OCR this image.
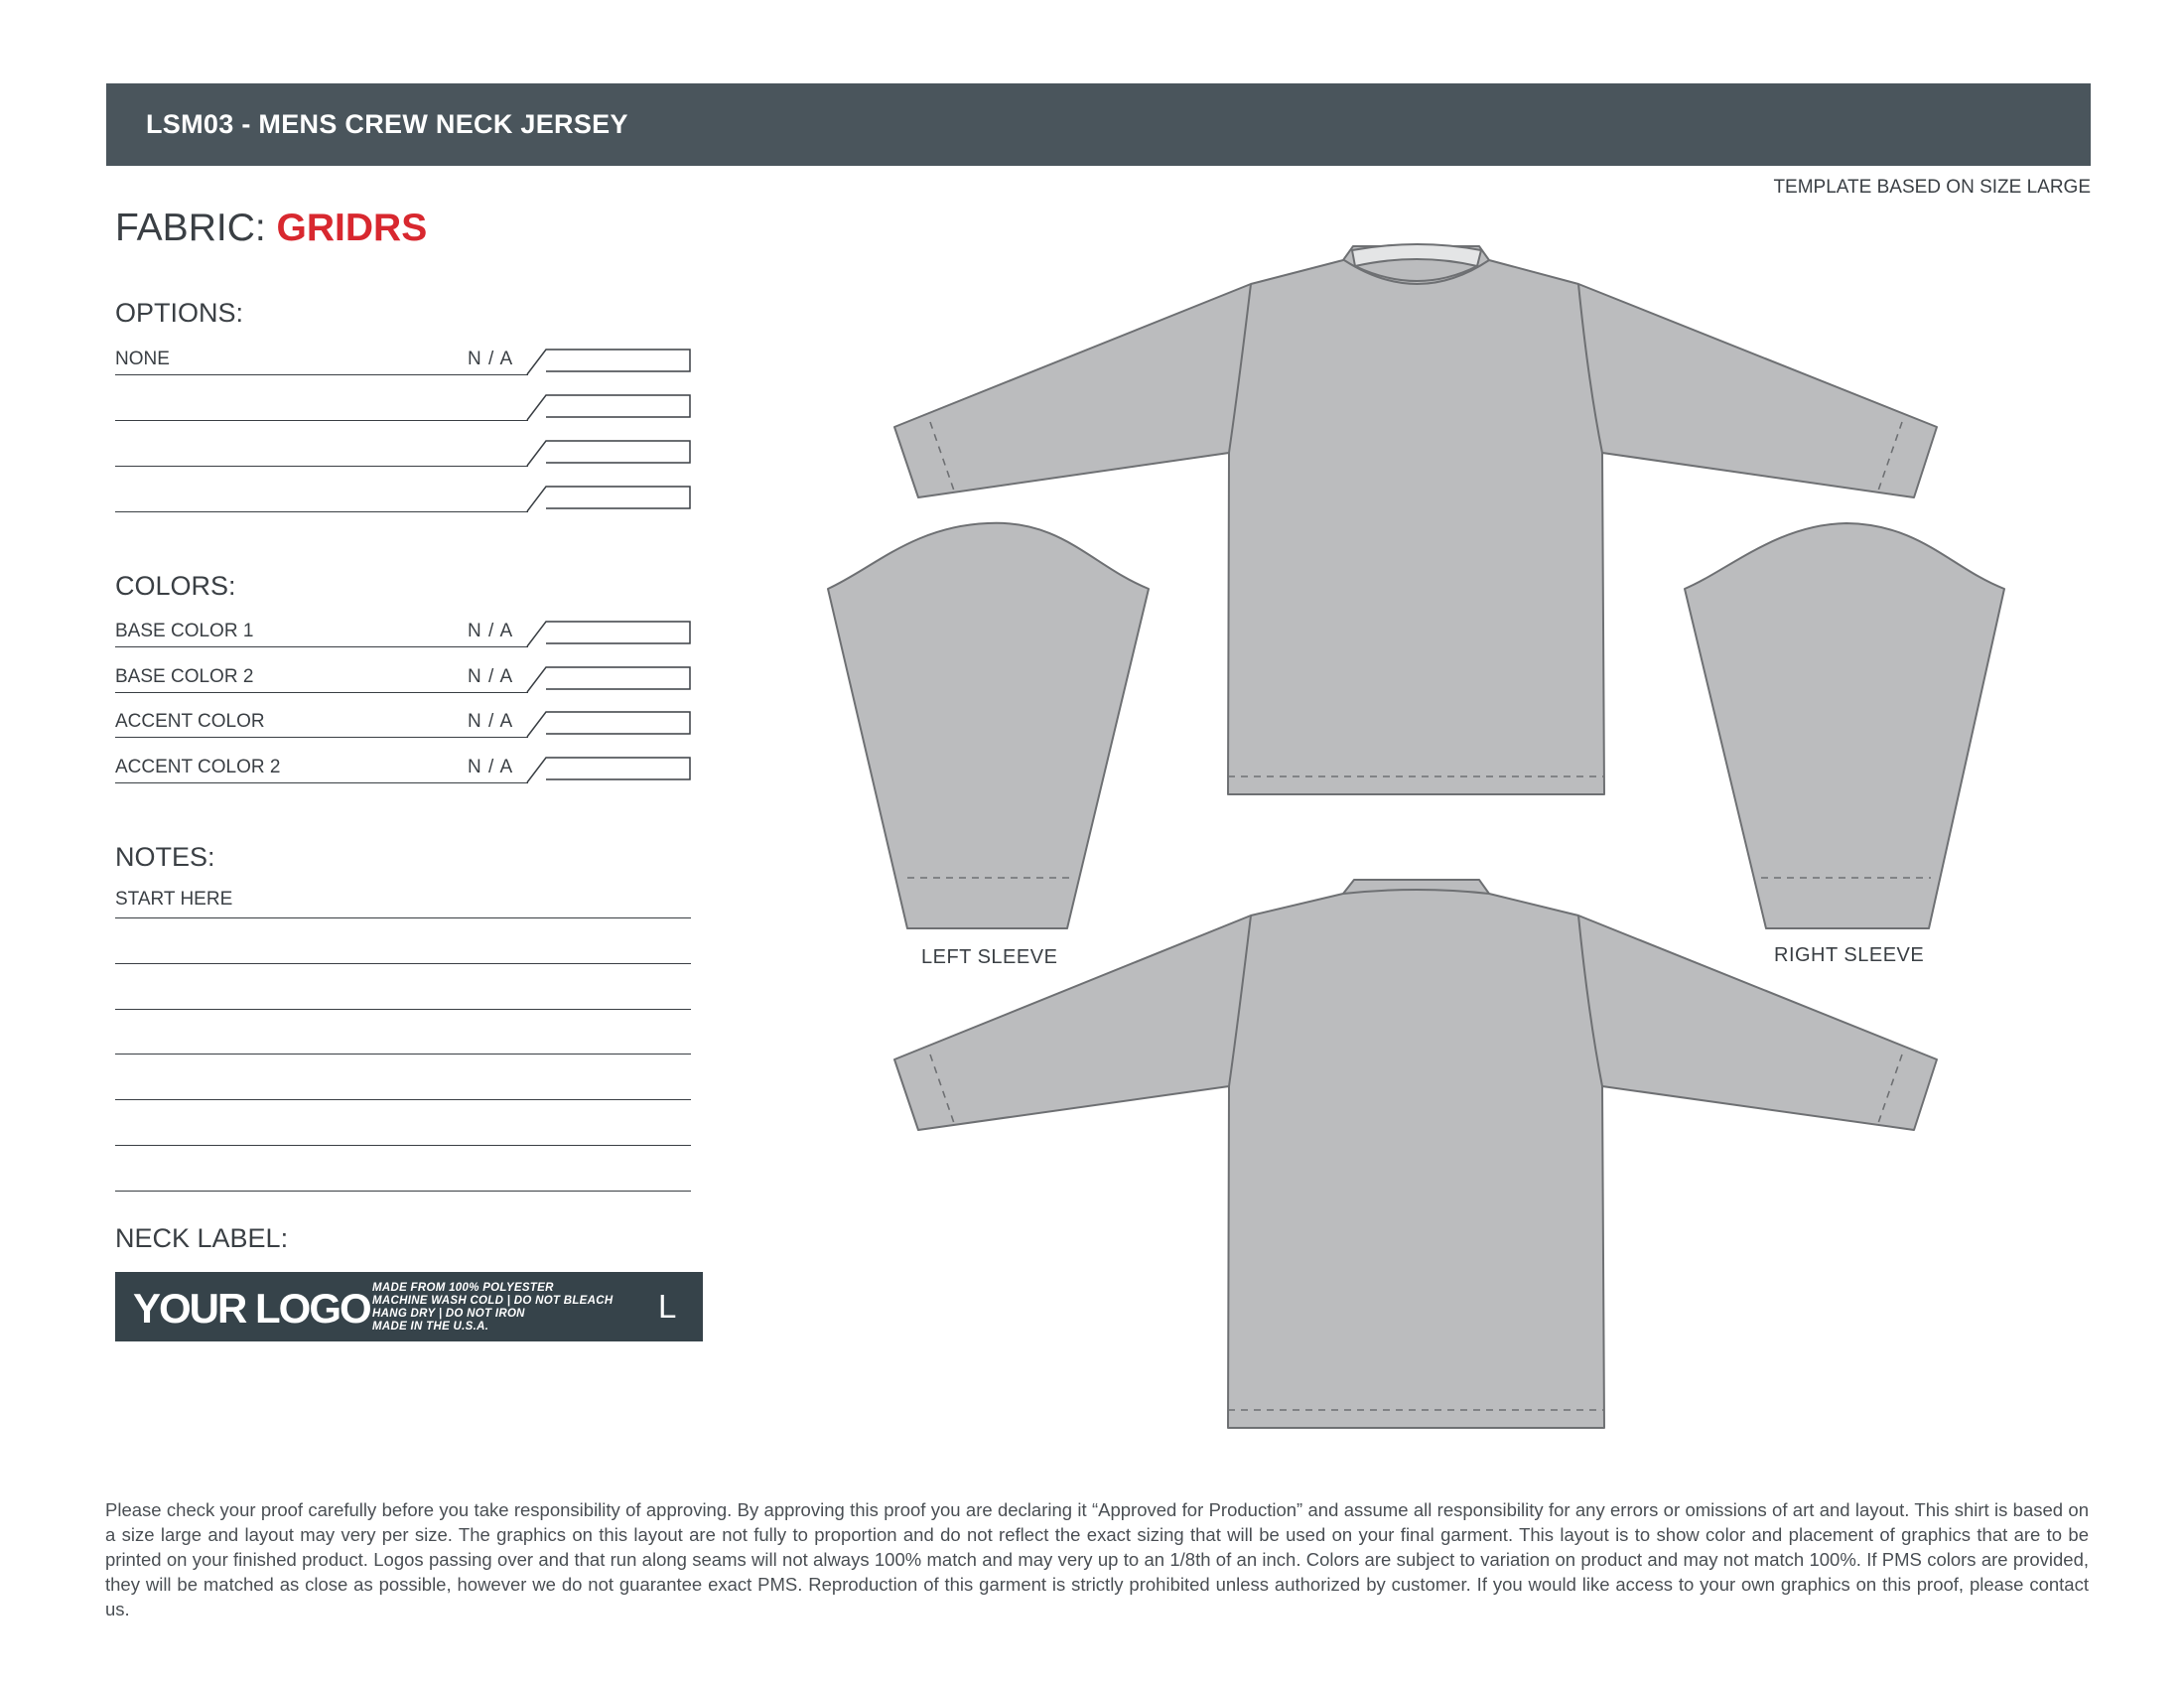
LSM03 - MENS CREW NECK JERSEY
TEMPLATE BASED ON SIZE LARGE
FABRIC: GRIDRS
OPTIONS:
NONE	N / A
COLORS:
BASE COLOR 1	N / A
BASE COLOR 2	N / A
ACCENT COLOR	N / A
ACCENT COLOR 2	N / A
NOTES:
START HERE
NECK LABEL:
YOUR LOGO MADE FROM 100% POLYESTER
MACHINE WASH COLD | DO NOT BLEACH
HANG DRY | DO NOT IRON
MADE IN THE U.S.A.
L
LEFT SLEEVE	RIGHT SLEEVE
Please check your proof carefully before you take responsibility of approving. By approving this proof you are declaring it “Approved for Production” and assume all responsibility for any errors or omissions of art and layout. This shirt is based on a size large and layout may very per size. The graphics on this layout are not fully to proportion and do not reflect the exact sizing that will be used on your final garment. This layout is to show color and placement of graphics that are to be printed on your finished product. Logos passing over and that run along seams will not always 100% match and may very up to an 1/8th of an inch. Colors are subject to variation on product and may not match 100%. If PMS colors are provided, they will be matched as close as possible, however we do not guarantee exact PMS. Reproduction of this garment is strictly prohibited unless authorized by customer. If you would like access to your own graphics on this proof, please contact us.
